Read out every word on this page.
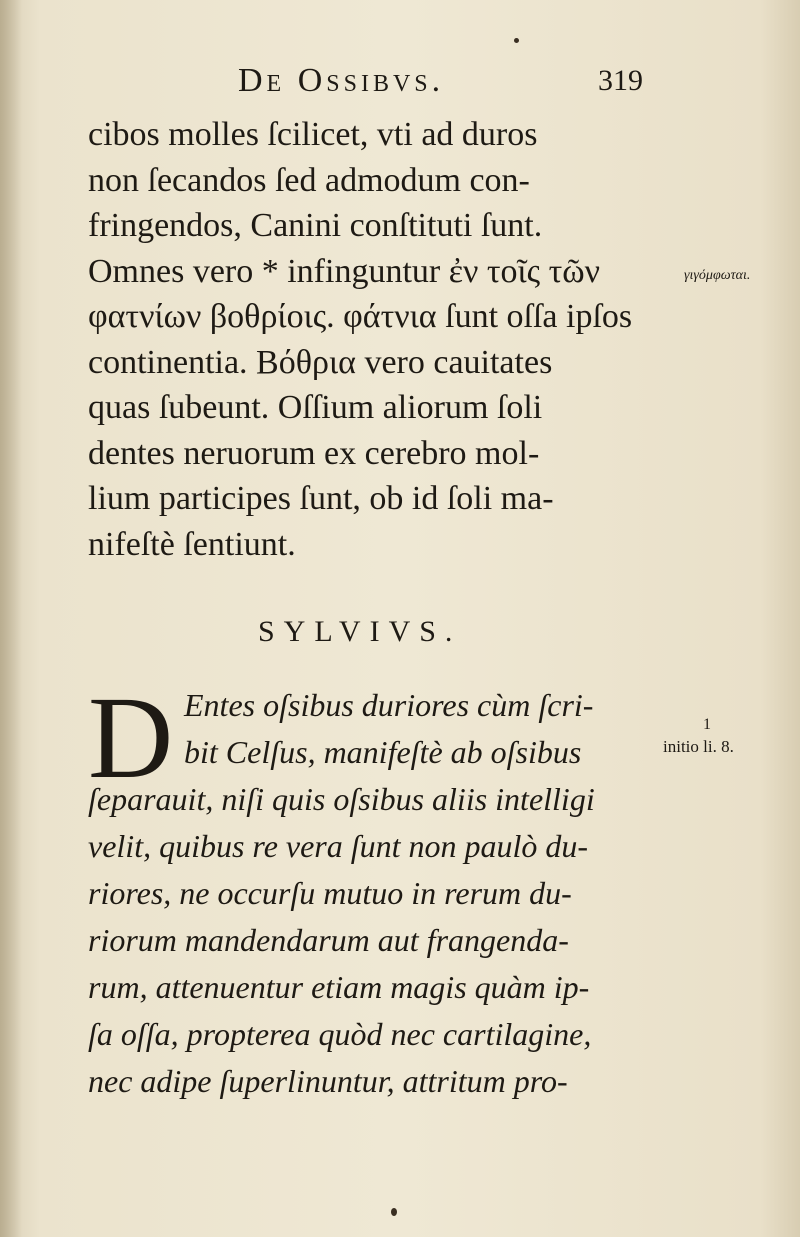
De Ossibvs.	319
cibos molles ſcilicet, vti ad duros
non ſecandos ſed admodum con-
fringendos, Canini conſtituti ſunt.
Omnes vero * infinguntur ἐν τοῖς τῶν
φατνίων βοθρίοις. φάτνια ſunt oſſa ipſos
continentia. Βόθρια vero cauitates
quas ſubeunt. Oſſium aliorum ſoli
dentes neruorum ex cerebro mol-
lium participes ſunt, ob id ſoli ma-
nifeſtè ſentiunt.
γιγόμφωται.
SYLVIVS.
D Entes oſsibus duriores cùm ſcri-
bit Celſus, manifeſtè ab oſsibus
ſeparauit, niſi quis oſsibus aliis intelligi
velit, quibus re vera ſunt non paulò du-
riores, ne occurſu mutuo in rerum du-
riorum mandendarum aut frangenda-
rum, attenuentur etiam magis quàm ip-
ſa oſſa, propterea quòd nec cartilagine,
nec adipe ſuperlinuntur, attritum pro-
1
initio li. 8.
